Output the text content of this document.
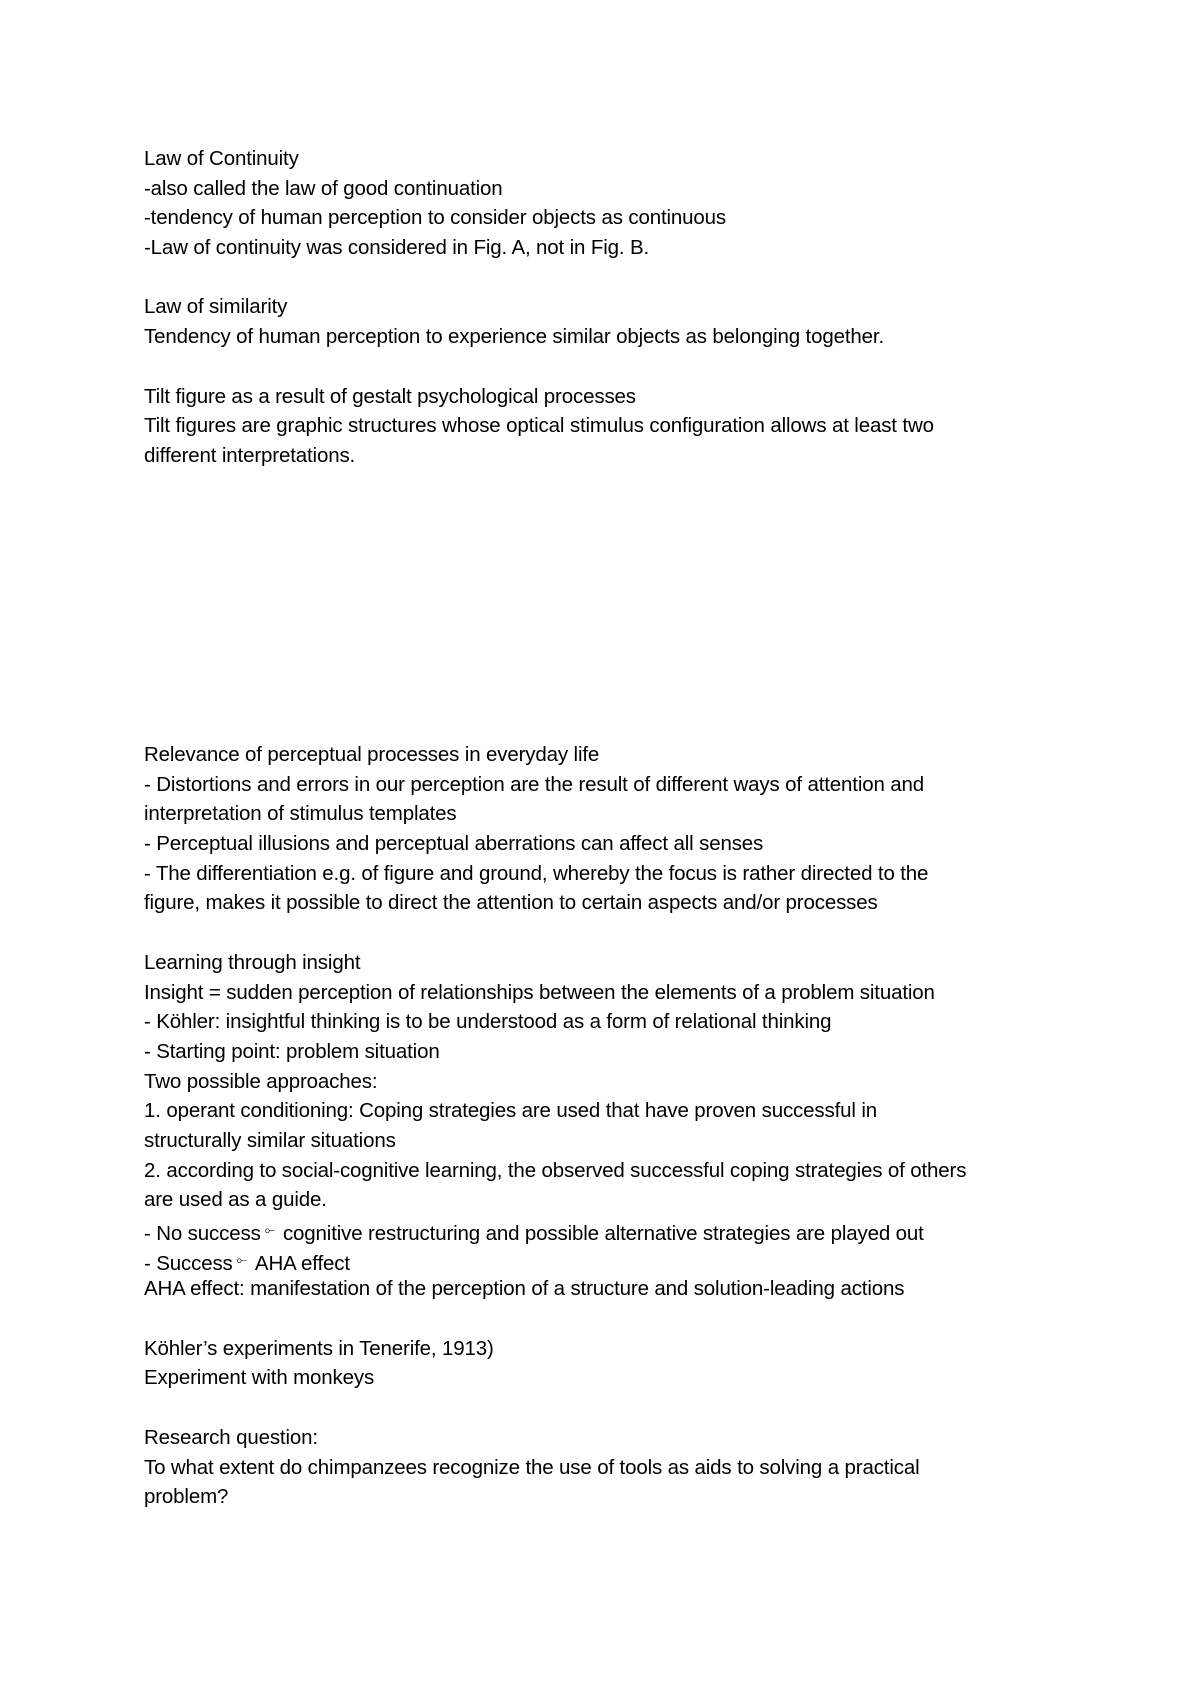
Law of Continuity
-also called the law of good continuation
-tendency of human perception to consider objects as continuous
-Law of continuity was considered in Fig. A, not in Fig. B.
Law of similarity
Tendency of human perception to experience similar objects as belonging together.
Tilt figure as a result of gestalt psychological processes
Tilt figures are graphic structures whose optical stimulus configuration allows at least two
different interpretations.
Relevance of perceptual processes in everyday life
- Distortions and errors in our perception are the result of different ways of attention and
interpretation of stimulus templates
- Perceptual illusions and perceptual aberrations can affect all senses
- The differentiation e.g. of figure and ground, whereby the focus is rather directed to the
figure, makes it possible to direct the attention to certain aspects and/or processes
Learning through insight
Insight = sudden perception of relationships between the elements of a problem situation
- Köhler: insightful thinking is to be understood as a form of relational thinking
- Starting point: problem situation
Two possible approaches:
1. operant conditioning: Coping strategies are used that have proven successful in
structurally similar situations
2. according to social-cognitive learning, the observed successful coping strategies of others
are used as a guide.
- No success ⟜ cognitive restructuring and possible alternative strategies are played out
- Success ⟜ AHA effect
AHA effect: manifestation of the perception of a structure and solution-leading actions
Köhler’s experiments in Tenerife, 1913)
Experiment with monkeys
Research question:
To what extent do chimpanzees recognize the use of tools as aids to solving a practical
problem?
